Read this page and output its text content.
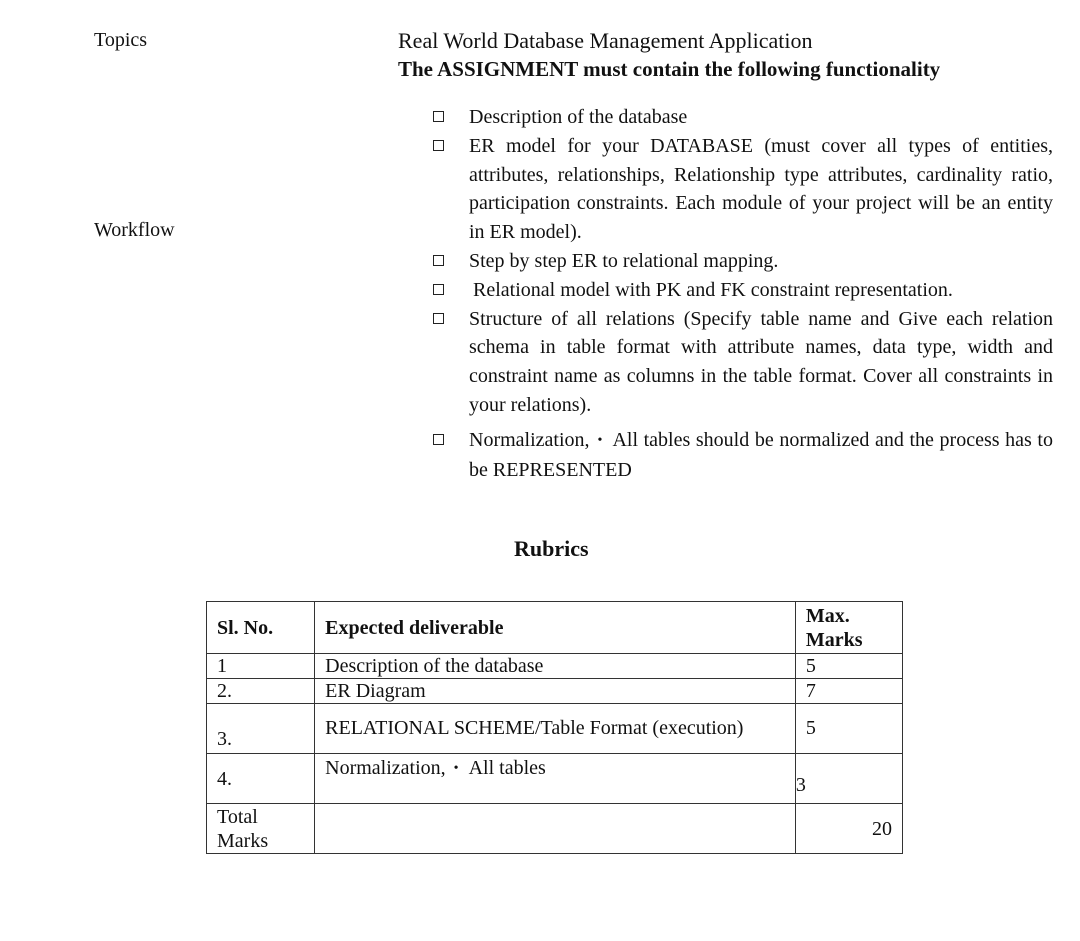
Topics
Workflow
Real World Database Management Application
The ASSIGNMENT must contain the following functionality
Description of the database
ER model for your DATABASE (must cover all types of entities, attributes, relationships, Relationship type attributes, cardinality ratio, participation constraints. Each module of your project will be an entity in ER model).
Step by step ER to relational mapping.
Relational model with PK and FK constraint representation.
Structure of all relations (Specify table name and Give each relation schema in table format with attribute names, data type, width and constraint name as columns in the table format. Cover all constraints in your relations).
Normalization, • All tables should be normalized and the process has to be REPRESENTED
Rubrics
Sl. No.	Expected deliverable	Max. Marks
1	Description of the database	5
2.	ER Diagram	7
3.	RELATIONAL SCHEME/Table Format (execution)	5
4.	Normalization, • All tables	3
Total Marks		20
